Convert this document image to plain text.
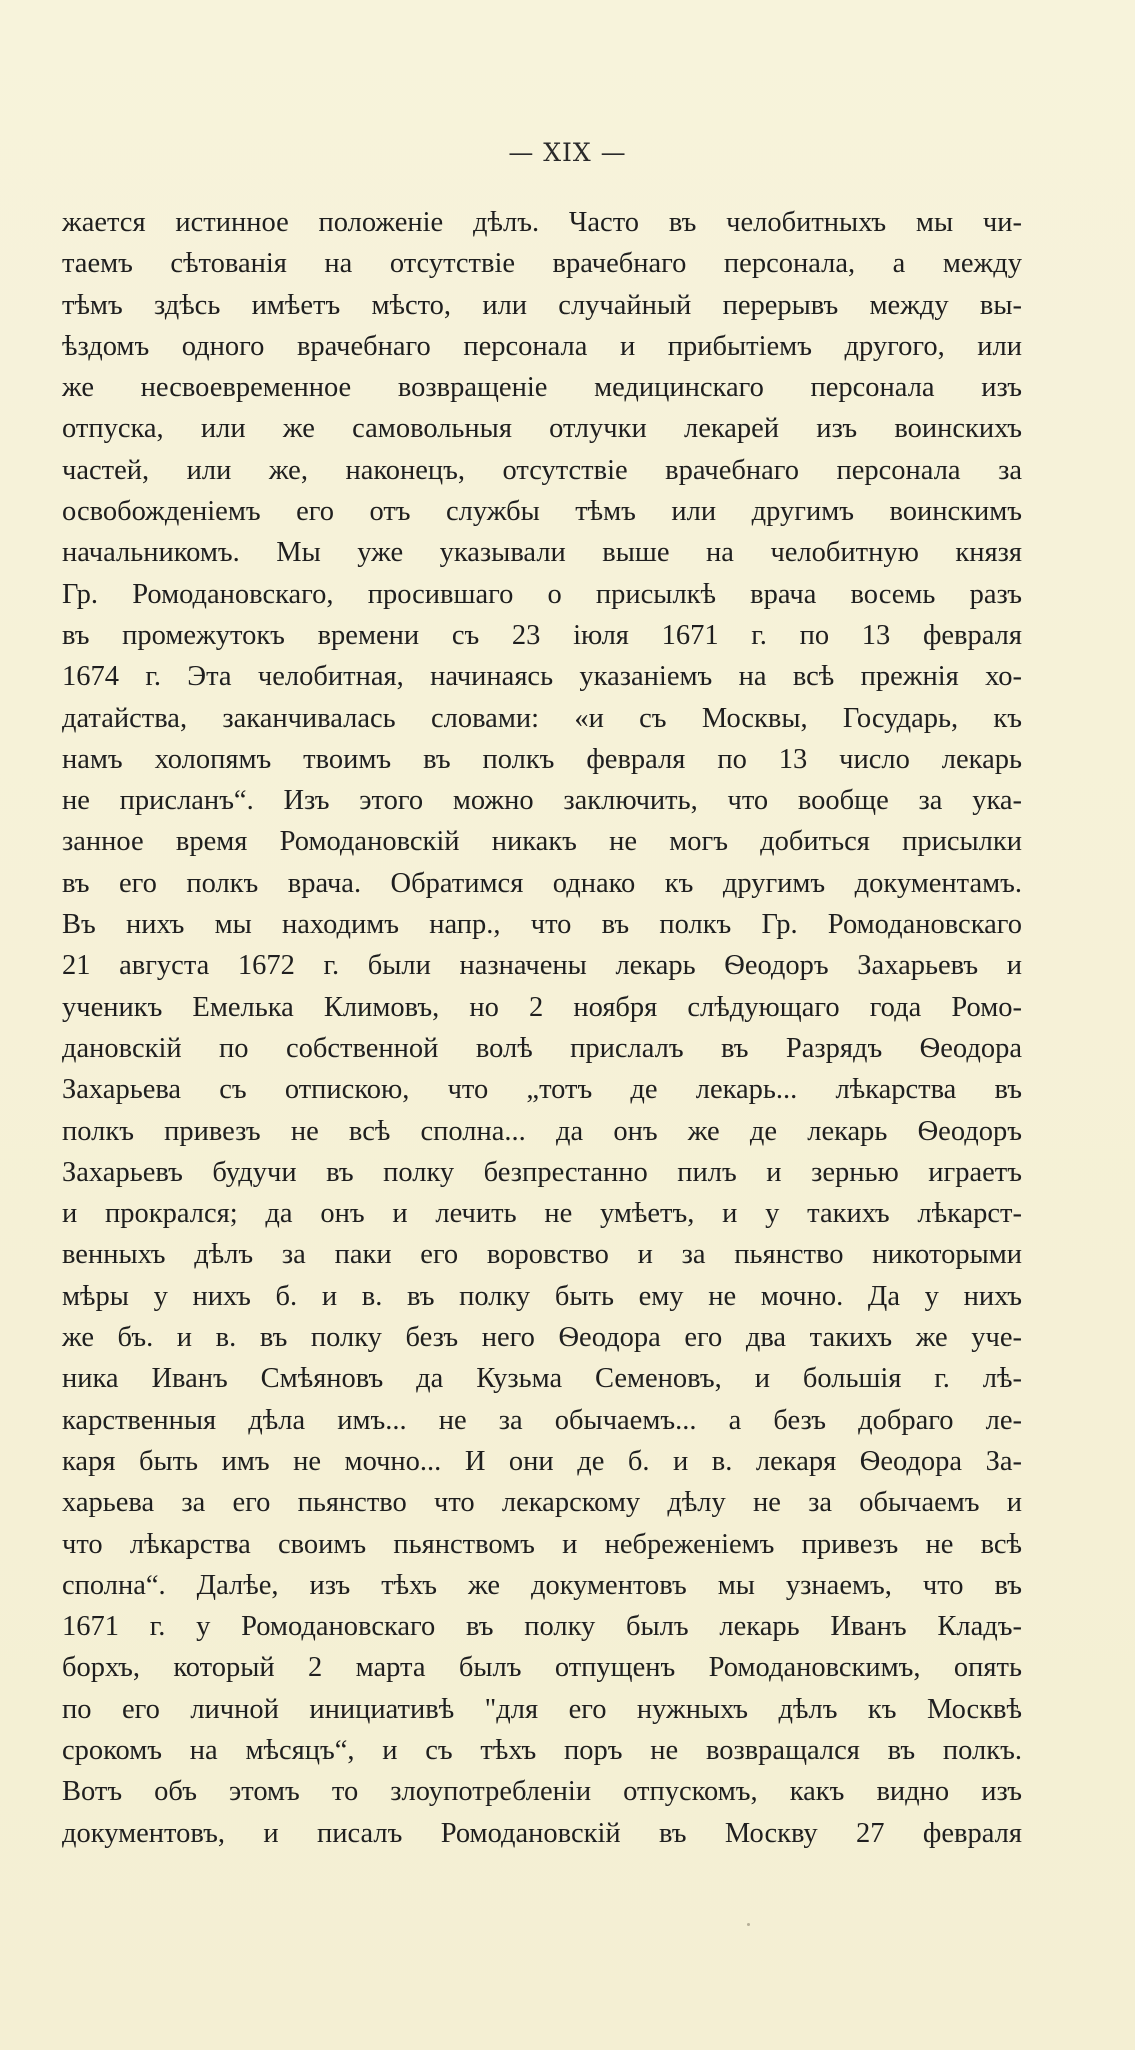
— XIX —
жается истинное положенiе дѣлъ. Часто въ челобитныхъ мы чи-
таемъ сѣтованiя на отсутствiе врачебнаго персонала, а между
тѣмъ здѣсь имѣетъ мѣсто, или случайный перерывъ между вы-
ѣздомъ одного врачебнаго персонала и прибытiемъ другого, или
же несвоевременное возвращенiе медицинскаго персонала изъ
отпуска, или же самовольныя отлучки лекарей изъ воинскихъ
частей, или же, наконецъ, отсутствiе врачебнаго персонала за
освобожденiемъ его отъ службы тѣмъ или другимъ воинскимъ
начальникомъ. Мы уже указывали выше на челобитную князя
Гр. Ромодановскаго, просившаго о присылкѣ врача восемь разъ
въ промежутокъ времени съ 23 iюля 1671 г. по 13 февраля
1674 г. Эта челобитная, начинаясь указанiемъ на всѣ прежнiя хо-
датайства, заканчивалась словами: «и съ Москвы, Государь, къ
намъ холопямъ твоимъ въ полкъ февраля по 13 число лекарь
не присланъ“. Изъ этого можно заключить, что вообще за ука-
занное время Ромодановскiй никакъ не могъ добиться присылки
въ его полкъ врача. Обратимся однако къ другимъ документамъ.
Въ нихъ мы находимъ напр., что въ полкъ Гр. Ромодановскаго
21 августа 1672 г. были назначены лекарь Ѳеодоръ Захарьевъ и
ученикъ Емелька Климовъ, но 2 ноября слѣдующаго года Ромо-
дановскiй по собственной волѣ прислалъ въ Разрядъ Ѳеодора
Захарьева съ отпискою, что „тотъ де лекарь... лѣкарства въ
полкъ привезъ не всѣ сполна... да онъ же де лекарь Ѳеодоръ
Захарьевъ будучи въ полку безпрестанно пилъ и зернью играетъ
и прокрался; да онъ и лечить не умѣетъ, и у такихъ лѣкарст-
венныхъ дѣлъ за паки его воровство и за пьянство никоторыми
мѣры у нихъ б. и в. въ полку быть ему не мочно. Да у нихъ
же бъ. и в. въ полку безъ него Ѳеодора его два такихъ же уче-
ника Иванъ Смѣяновъ да Кузьма Семеновъ, и большiя г. лѣ-
карственныя дѣла имъ... не за обычаемъ... а безъ добраго ле-
каря быть имъ не мочно... И они де б. и в. лекаря Ѳеодора За-
харьева за его пьянство что лекарскому дѣлу не за обычаемъ и
что лѣкарства своимъ пьянствомъ и небреженiемъ привезъ не всѣ
сполна“. Далѣе, изъ тѣхъ же документовъ мы узнаемъ, что въ
1671 г. у Ромодановскаго въ полку былъ лекарь Иванъ Кладъ-
борхъ, который 2 марта былъ отпущенъ Ромодановскимъ, опять
по его личной инициативѣ "для его нужныхъ дѣлъ къ Москвѣ
срокомъ на мѣсяцъ“, и съ тѣхъ поръ не возвращался въ полкъ.
Вотъ объ этомъ то злоупотребленiи отпускомъ, какъ видно изъ
документовъ, и писалъ Ромодановскiй въ Москву 27 февраля
